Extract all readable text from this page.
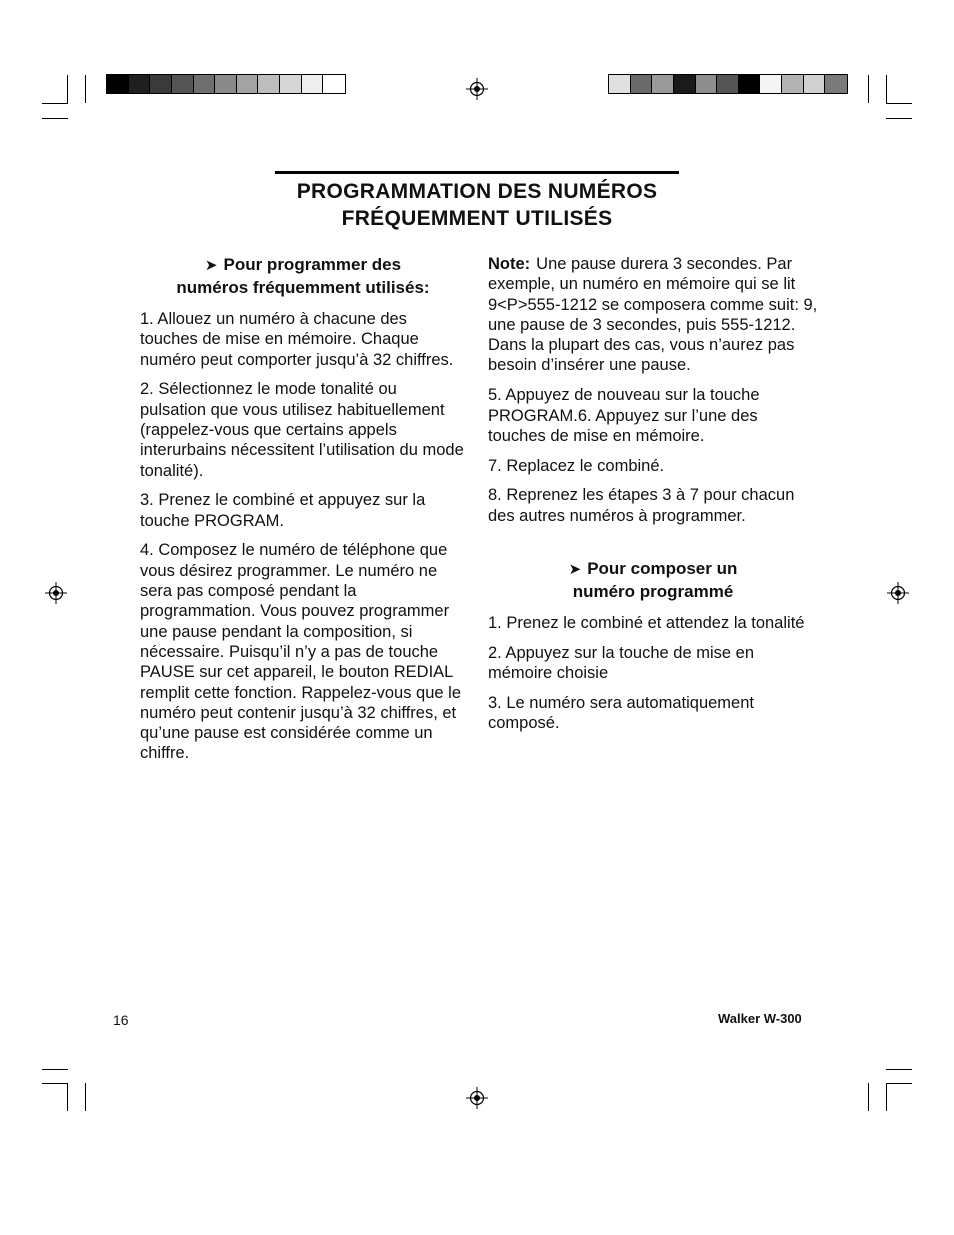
PROGRAMMATION DES NUMÉROS
FRÉQUEMMENT UTILISÉS
➤ Pour programmer des
numéros fréquemment utilisés:

1. Allouez un numéro à chacune des touches de mise en mémoire. Chaque numéro peut comporter jusqu’à 32 chiffres.

2. Sélectionnez le mode tonalité ou pulsation que vous utilisez habituellement (rappelez-vous que certains appels interurbains nécessitent l’utilisation du mode tonalité).

3. Prenez le combiné et appuyez sur la touche PROGRAM.

4. Composez le numéro de téléphone que vous désirez programmer. Le numéro ne sera pas composé pendant la programmation. Vous pouvez programmer une pause pendant la composition, si nécessaire. Puisqu’il n’y a pas de touche PAUSE sur cet appareil, le bouton REDIAL remplit cette fonction. Rappelez-vous que le numéro peut contenir jusqu’à 32 chiffres, et qu’une pause est considérée comme un chiffre.

Note: Une pause durera 3 secondes. Par exemple, un numéro en mémoire qui se lit 9<P>555-1212 se composera comme suit: 9, une pause de 3 secondes, puis 555-1212. Dans la plupart des cas, vous n’aurez pas besoin d’insérer une pause.

5. Appuyez de nouveau sur la touche PROGRAM.6. Appuyez sur l’une des touches de mise en mémoire.

7. Replacez le combiné.

8. Reprenez les étapes 3 à 7 pour chacun des autres numéros à programmer.

➤ Pour composer un
numéro programmé

1. Prenez le combiné et attendez la tonalité

2. Appuyez sur la touche de mise en mémoire choisie

3. Le numéro sera automatiquement composé.

16	Walker W-300
